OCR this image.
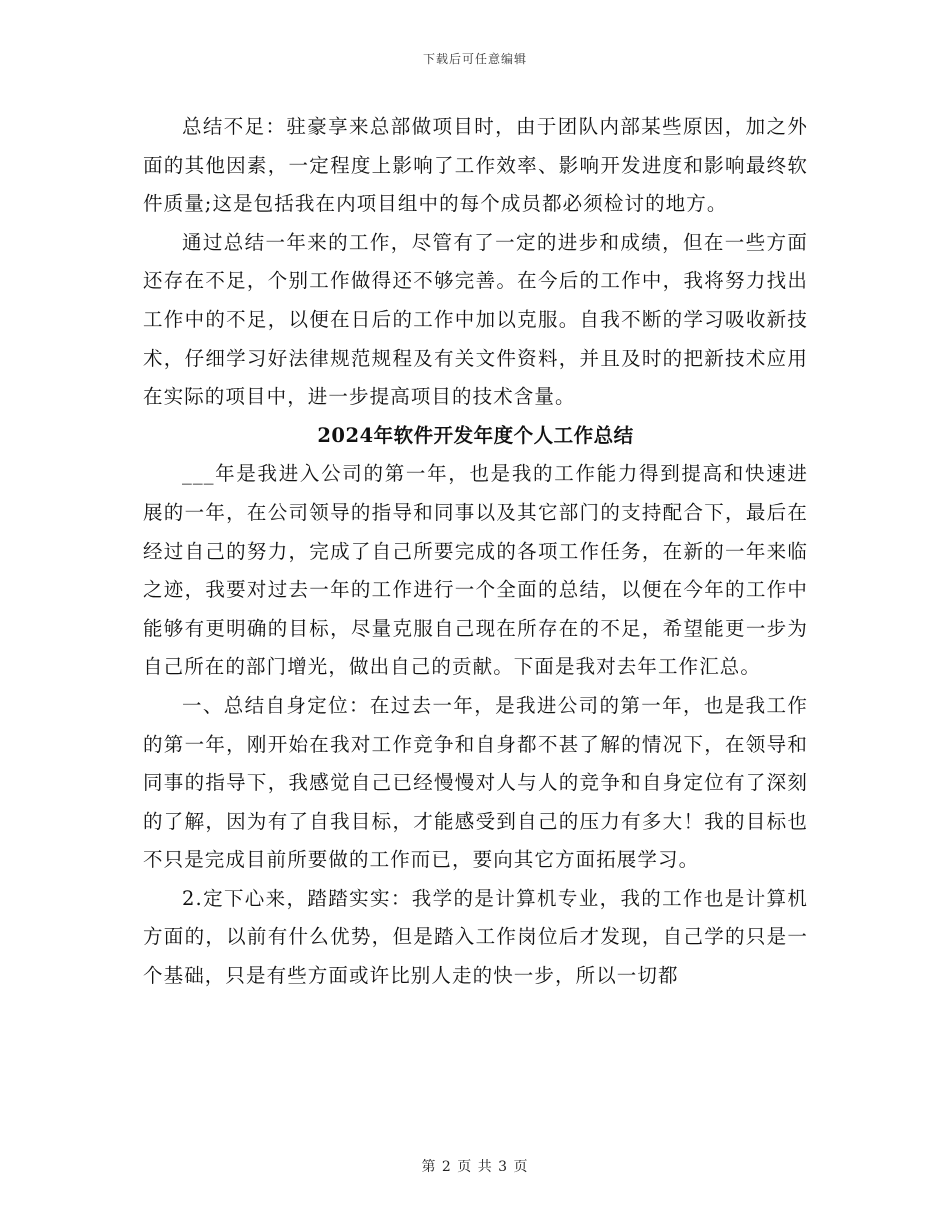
下载后可任意编辑

总结不足：驻豪享来总部做项目时，由于团队内部某些原因，加之外面的其他因素，一定程度上影响了工作效率、影响开发进度和影响最终软件质量;这是包括我在内项目组中的每个成员都必须检讨的地方。

通过总结一年来的工作，尽管有了一定的进步和成绩，但在一些方面还存在不足，个别工作做得还不够完善。在今后的工作中，我将努力找出工作中的不足，以便在日后的工作中加以克服。自我不断的学习吸收新技术，仔细学习好法律规范规程及有关文件资料，并且及时的把新技术应用在实际的项目中，进一步提高项目的技术含量。

2024年软件开发年度个人工作总结

___年是我进入公司的第一年，也是我的工作能力得到提高和快速进展的一年，在公司领导的指导和同事以及其它部门的支持配合下，最后在经过自己的努力，完成了自己所要完成的各项工作任务，在新的一年来临之迹，我要对过去一年的工作进行一个全面的总结，以便在今年的工作中能够有更明确的目标，尽量克服自己现在所存在的不足，希望能更一步为自己所在的部门增光，做出自己的贡献。下面是我对去年工作汇总。

一、总结自身定位：在过去一年，是我进公司的第一年，也是我工作的第一年，刚开始在我对工作竞争和自身都不甚了解的情况下，在领导和同事的指导下，我感觉自己已经慢慢对人与人的竞争和自身定位有了深刻的了解，因为有了自我目标，才能感受到自己的压力有多大！我的目标也不只是完成目前所要做的工作而已，要向其它方面拓展学习。

2.定下心来，踏踏实实：我学的是计算机专业，我的工作也是计算机方面的，以前有什么优势，但是踏入工作岗位后才发现，自己学的只是一个基础，只是有些方面或许比别人走的快一步，所以一切都

第 2 页 共 3 页
